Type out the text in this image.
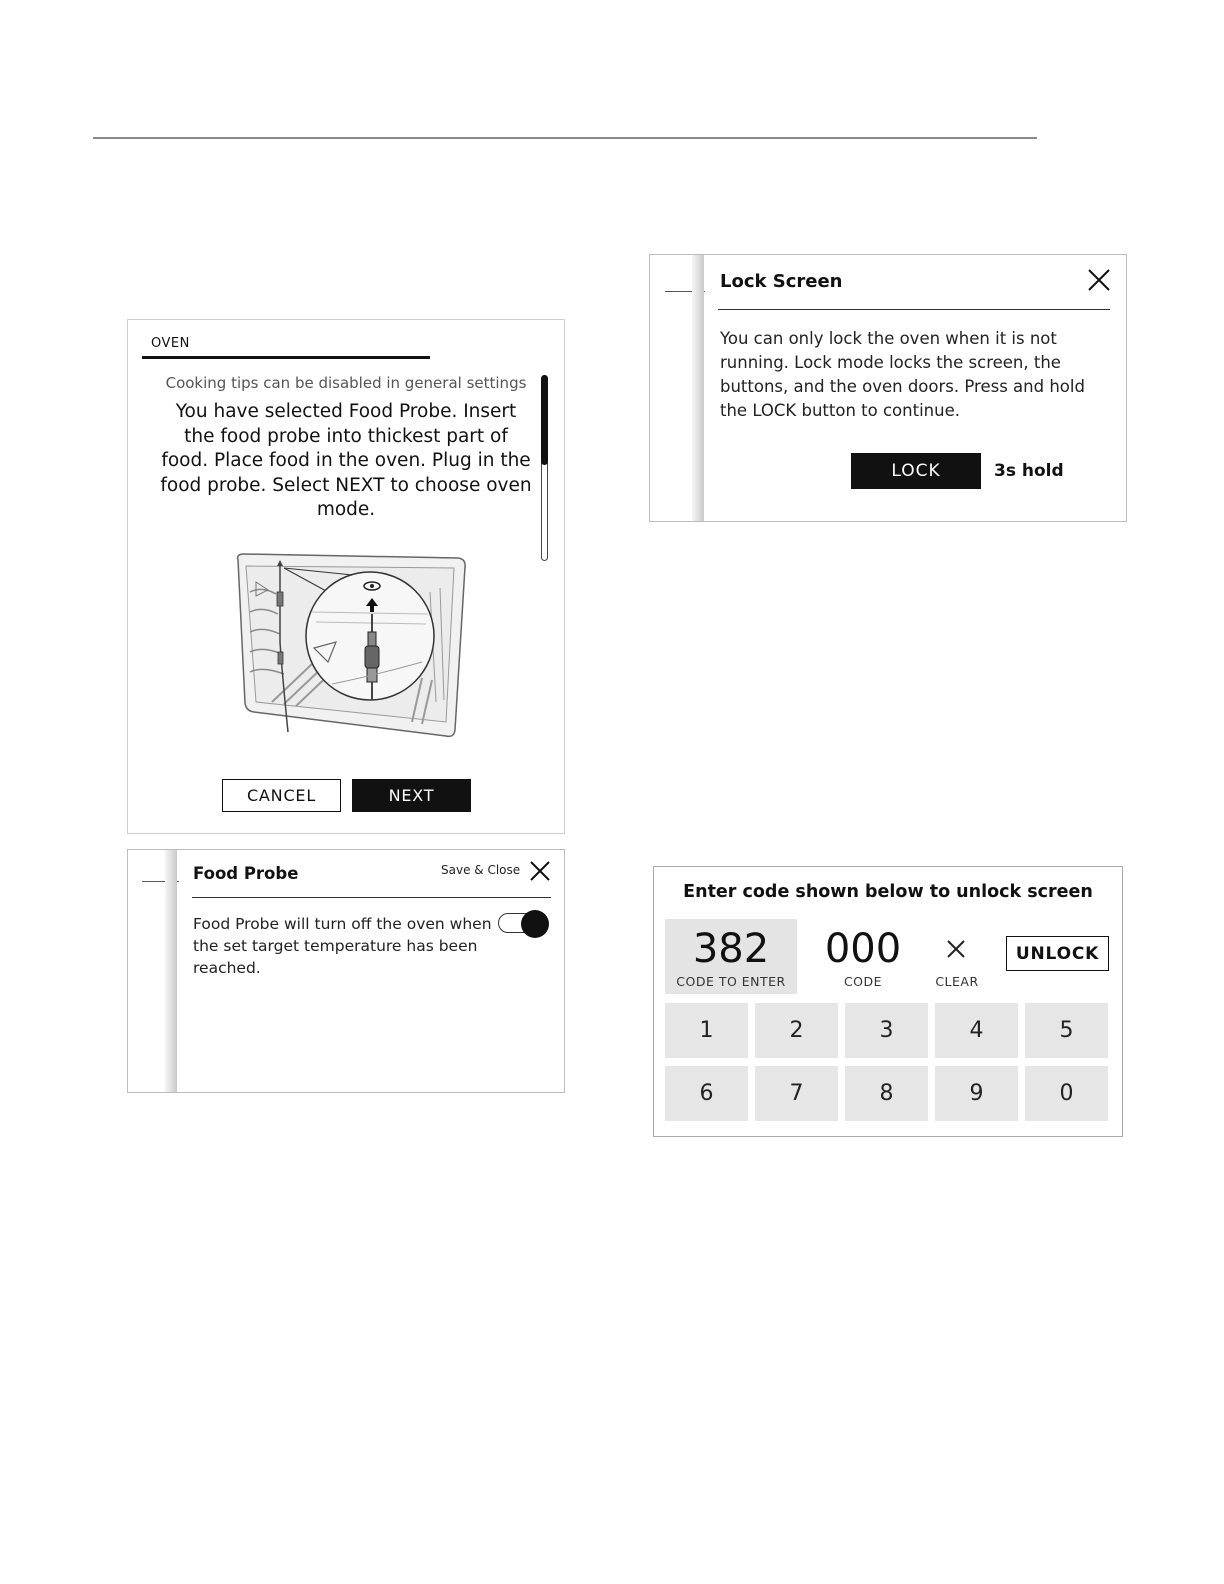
OVEN
Cooking tips can be disabled in general settings
You have selected Food Probe. Insert the food probe into thickest part of food. Place food in the oven. Plug in the food probe. Select NEXT to choose oven mode.
CANCEL	NEXT
Food Probe	Save & Close
Food Probe will turn off the oven when the set target temperature has been reached.
Lock Screen
You can only lock the oven when it is not running. Lock mode locks the screen, the buttons, and the oven doors. Press and hold the LOCK button to continue.
LOCK	3s hold
Enter code shown below to unlock screen
382
CODE TO ENTER
000
CODE	CLEAR
UNLOCK
1	2	3	4	5
6	7	8	9	0
